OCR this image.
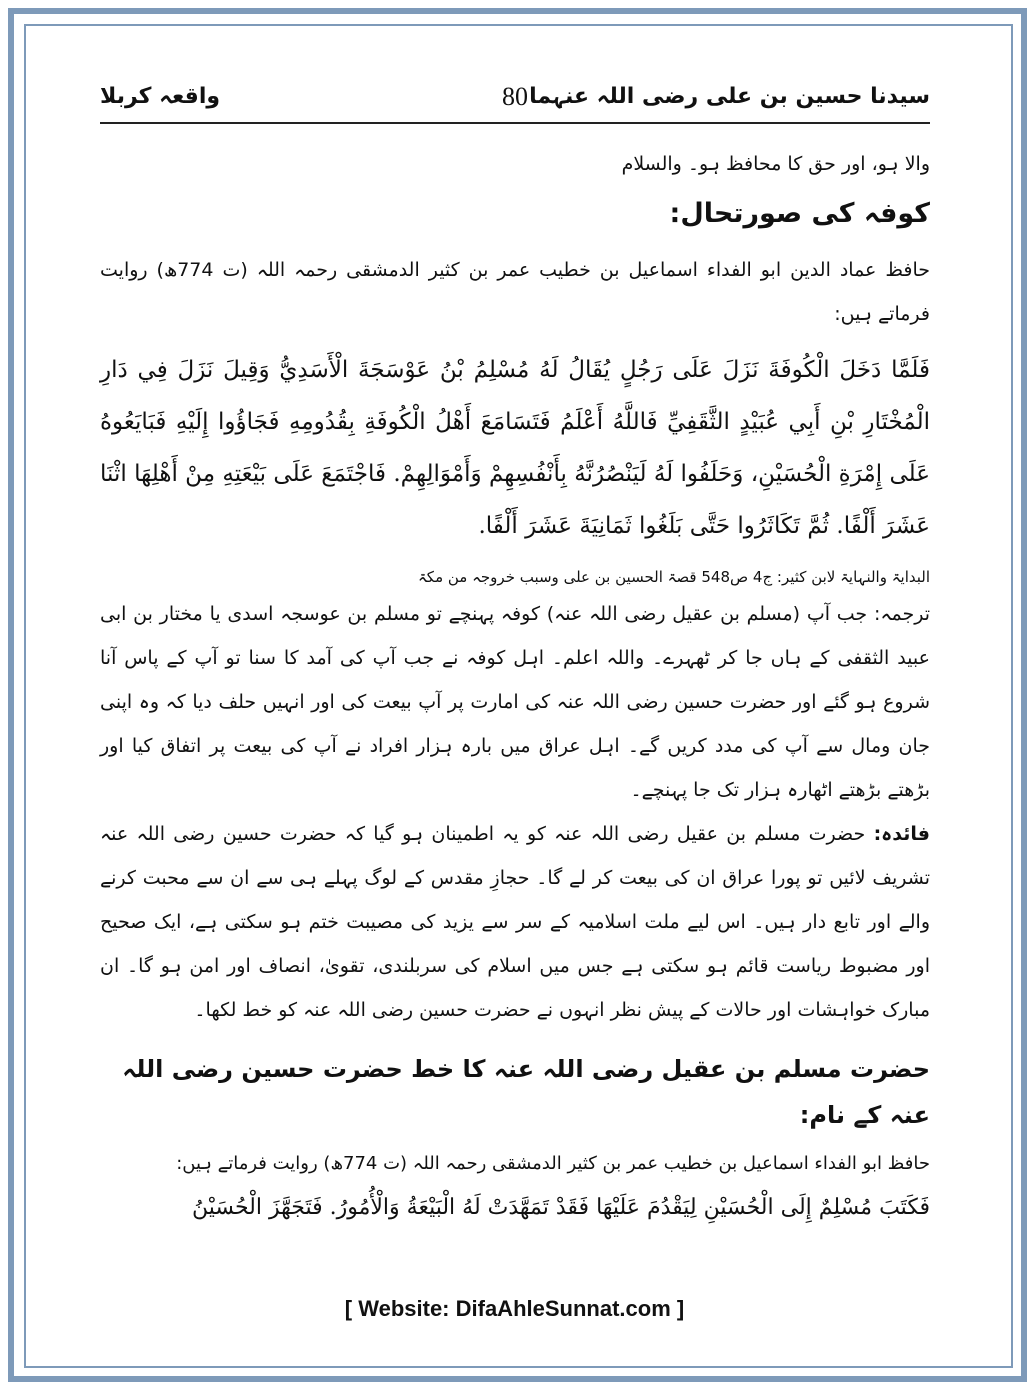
سیدنا حسین بن علی رضی اللہ عنہما
80
واقعہ کربلا

والا ہو، اور حق کا محافظ ہو۔ والسلام

کوفہ کی صورتحال:

حافظ عماد الدین ابو الفداء اسماعیل بن خطیب عمر بن کثیر الدمشقی رحمہ اللہ (ت 774ھ) روایت فرماتے ہیں:

فَلَمَّا دَخَلَ الْكُوفَةَ نَزَلَ عَلَى رَجُلٍ يُقَالُ لَهُ مُسْلِمُ بْنُ عَوْسَجَةَ الْأَسَدِيُّ وَقِيلَ نَزَلَ فِي دَارِ الْمُخْتَارِ بْنِ أَبِي عُبَيْدٍ الثَّقَفِيِّ فَاللَّهُ أَعْلَمُ فَتَسَامَعَ أَهْلُ الْكُوفَةِ بِقُدُومِهِ فَجَاؤُوا إِلَيْهِ فَبَايَعُوهُ عَلَى إِمْرَةِ الْحُسَيْنِ، وَحَلَفُوا لَهُ لَيَنْصُرُنَّهُ بِأَنْفُسِهِمْ وَأَمْوَالِهِمْ. فَاجْتَمَعَ عَلَى بَيْعَتِهِ مِنْ أَهْلِهَا اثْنَا عَشَرَ أَلْفًا. ثُمَّ تَكَاثَرُوا حَتَّى بَلَغُوا ثَمَانِيَةَ عَشَرَ أَلْفًا.

البدایۃ والنہایۃ لابن کثیر: ج4 ص548 قصۃ الحسین بن علی وسبب خروجہ من مکۃ

ترجمہ: جب آپ (مسلم بن عقیل رضی اللہ عنہ) کوفہ پہنچے تو مسلم بن عوسجہ اسدی یا مختار بن ابی عبید الثقفی کے ہاں جا کر ٹھہرے۔ واللہ اعلم۔ اہل کوفہ نے جب آپ کی آمد کا سنا تو آپ کے پاس آنا شروع ہو گئے اور حضرت حسین رضی اللہ عنہ کی امارت پر آپ بیعت کی اور انہیں حلف دیا کہ وہ اپنی جان ومال سے آپ کی مدد کریں گے۔ اہل عراق میں بارہ ہزار افراد نے آپ کی بیعت پر اتفاق کیا اور بڑھتے بڑھتے اٹھارہ ہزار تک جا پہنچے۔

فائدہ: حضرت مسلم بن عقیل رضی اللہ عنہ کو یہ اطمینان ہو گیا کہ حضرت حسین رضی اللہ عنہ تشریف لائیں تو پورا عراق ان کی بیعت کر لے گا۔ حجازِ مقدس کے لوگ پہلے ہی سے ان سے محبت کرنے والے اور تابع دار ہیں۔ اس لیے ملت اسلامیہ کے سر سے یزید کی مصیبت ختم ہو سکتی ہے، ایک صحیح اور مضبوط ریاست قائم ہو سکتی ہے جس میں اسلام کی سربلندی، تقویٰ، انصاف اور امن ہو گا۔ ان مبارک خواہشات اور حالات کے پیش نظر انہوں نے حضرت حسین رضی اللہ عنہ کو خط لکھا۔

حضرت مسلم بن عقیل رضی اللہ عنہ کا خط حضرت حسین رضی اللہ عنہ کے نام:

حافظ ابو الفداء اسماعیل بن خطیب عمر بن کثیر الدمشقی رحمہ اللہ (ت 774ھ) روایت فرماتے ہیں:

فَكَتَبَ مُسْلِمٌ إِلَى الْحُسَيْنِ لِيَقْدُمَ عَلَيْهَا فَقَدْ تَمَهَّدَتْ لَهُ الْبَيْعَةُ وَالْأُمُورُ. فَتَجَهَّزَ الْحُسَيْنُ

[ Website: DifaAhleSunnat.com ]
